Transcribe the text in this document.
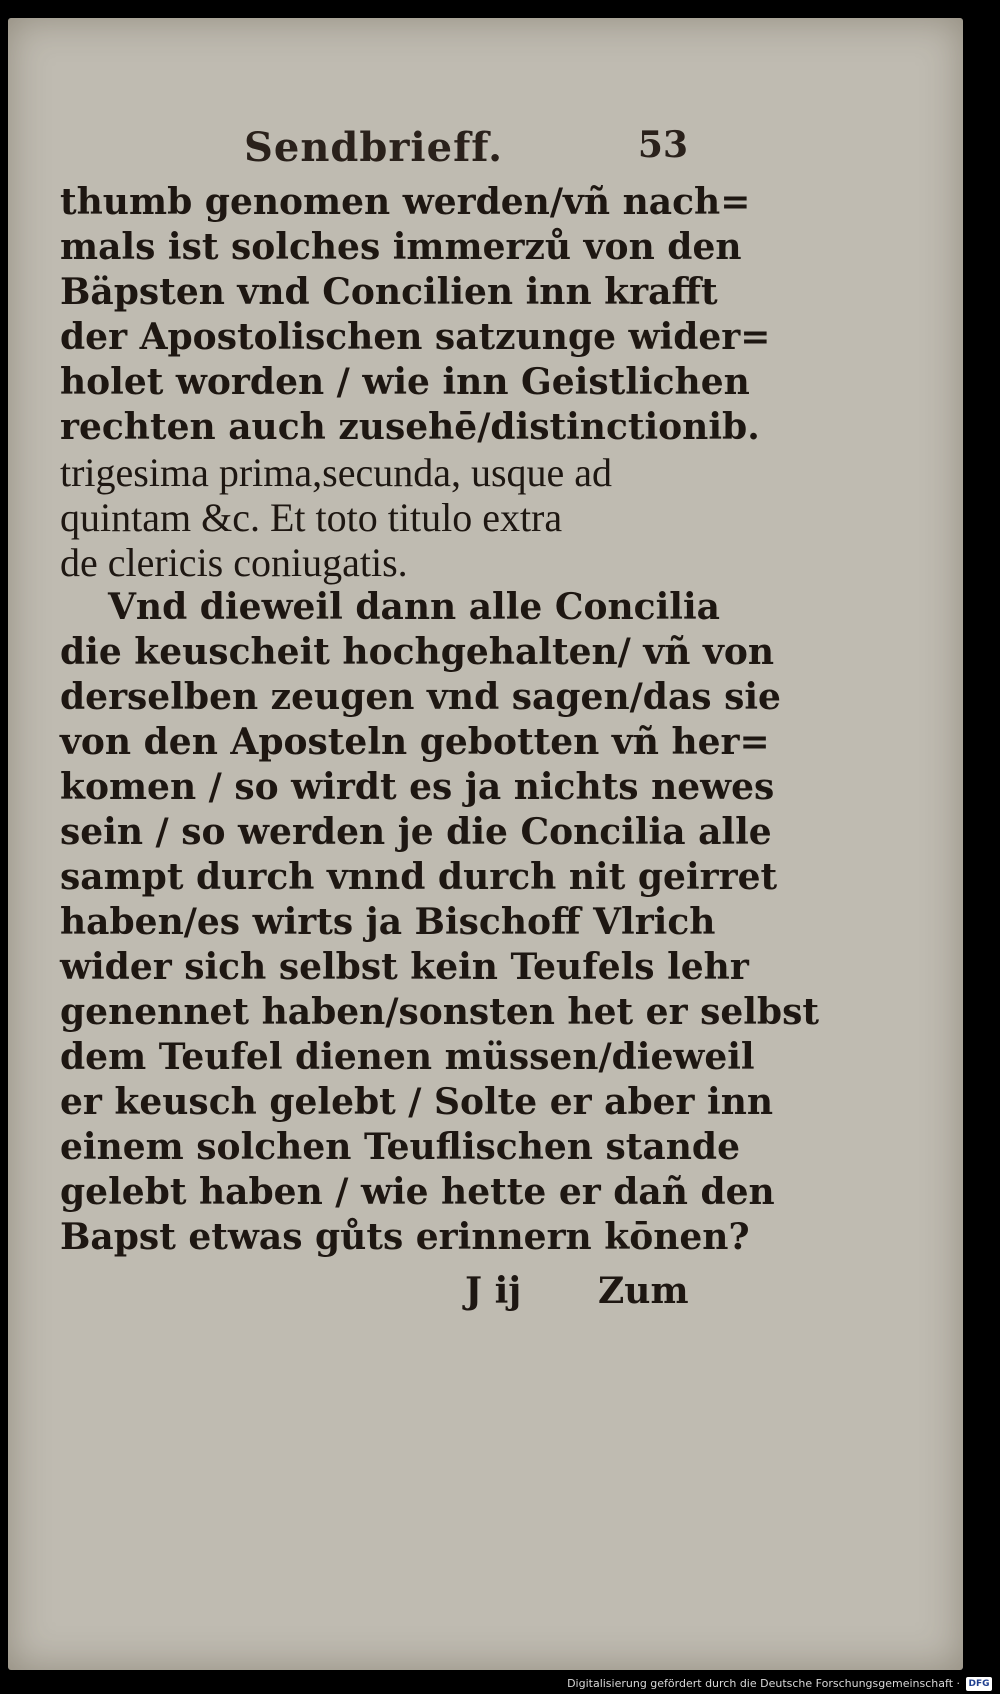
Sendbrieff.	53
thumb genomen werden/vñ nach=
mals ist solches immerzů von den
Bäpsten vnd Concilien inn krafft
der Apostolischen satzunge wider=
holet worden / wie inn Geistlichen
rechten auch zusehē/distinctionib.
trigesima prima,secunda, usque ad
quintam &c. Et toto titulo extra
de clericis coniugatis.
Vnd dieweil dann alle Concilia
die keuscheit hochgehalten/ vñ von
derselben zeugen vnd sagen/das sie
von den Aposteln gebotten vñ her=
komen / so wirdt es ja nichts newes
sein / so werden je die Concilia alle
sampt durch vnnd durch nit geirret
haben/es wirts ja Bischoff Vlrich
wider sich selbst kein Teufels lehr
genennet haben/sonsten het er selbst
dem Teufel dienen müssen/dieweil
er keusch gelebt / Solte er aber inn
einem solchen Teuflischen stande
gelebt haben / wie hette er dañ den
Bapst etwas gůts erinnern kōnen?
J ij Zum
Digitalisierung gefördert durch die Deutsche Forschungsgemeinschaft · DFG
